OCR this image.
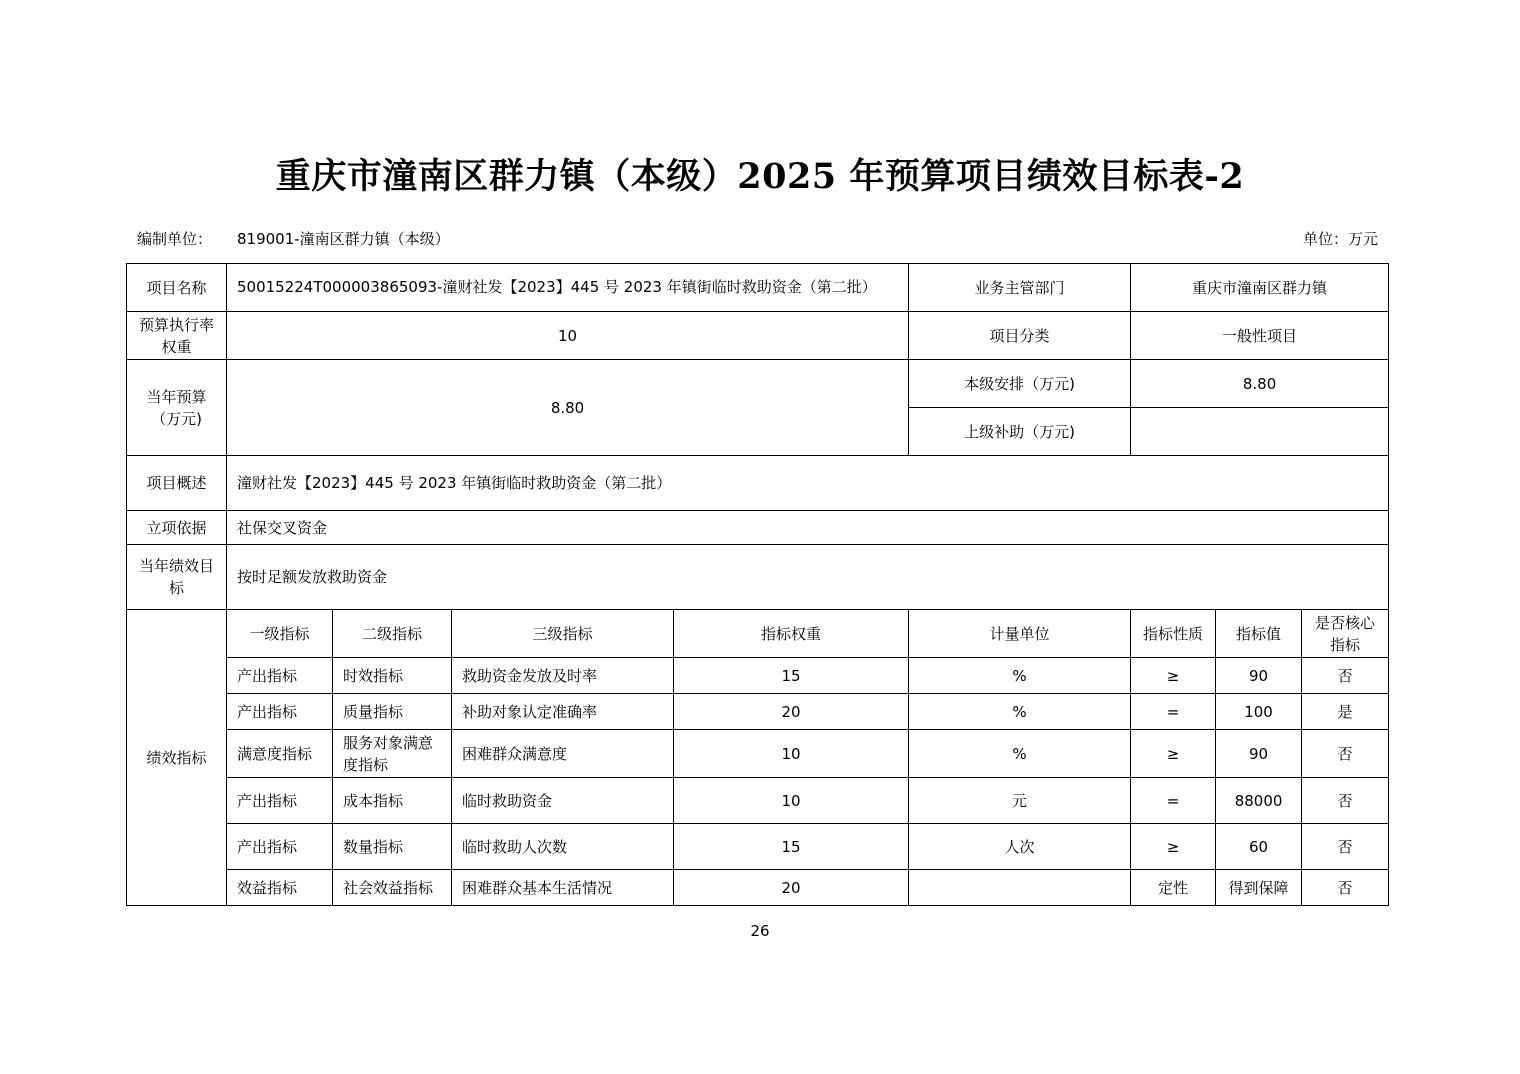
重庆市潼南区群力镇（本级）2025 年预算项目绩效目标表-2
编制单位： 819001-潼南区群力镇（本级）	单位：万元
项目名称	50015224T000003865093-潼财社发【2023】445 号 2023 年镇街临时救助资金（第二批）				业务主管部门	重庆市潼南区群力镇		
预算执行率权重	10				项目分类	一般性项目		
当年预算（万元)	8.80				本级安排（万元)	8.80		
					上级补助（万元)			
项目概述	潼财社发【2023】445 号 2023 年镇街临时救助资金（第二批）							
立项依据	社保交叉资金							
当年绩效目标	按时足额发放救助资金							
绩效指标	一级指标	二级指标	三级指标	指标权重	计量单位	指标性质	指标值	是否核心指标
	产出指标	时效指标	救助资金发放及时率	15	%	≥	90	否
	产出指标	质量指标	补助对象认定准确率	20	%	=	100	是
	满意度指标	服务对象满意度指标	困难群众满意度	10	%	≥	90	否
	产出指标	成本指标	临时救助资金	10	元	=	88000	否
	产出指标	数量指标	临时救助人次数	15	人次	≥	60	否
	效益指标	社会效益指标	困难群众基本生活情况	20		定性	得到保障	否
26
